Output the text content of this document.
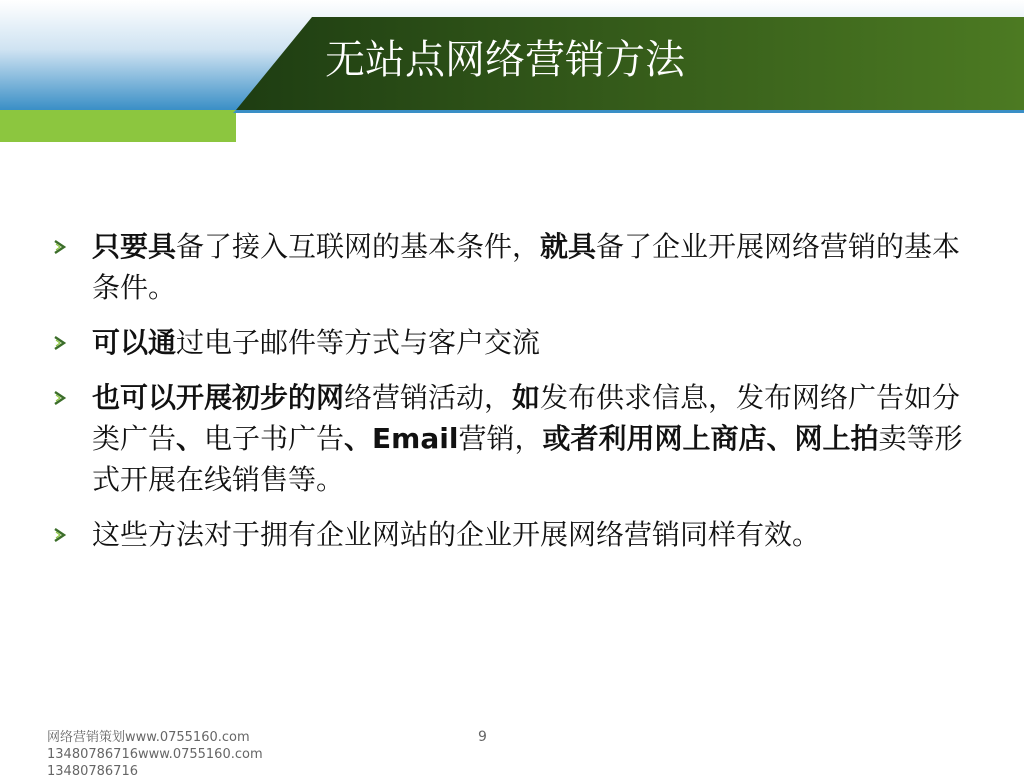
无站点网络营销方法
只要具备了接入互联网的基本条件，就具备了企业开展网络营销的基本条件。
可以通过电子邮件等方式与客户交流
也可以开展初步的网络营销活动，如发布供求信息，发布网络广告如分类广告、电子书广告、Email营销，或者利用网上商店、网上拍卖等形式开展在线销售等。
这些方法对于拥有企业网站的企业开展网络营销同样有效。
网络营销策划www.0755160.com
13480786716www.0755160.com
13480786716
9
